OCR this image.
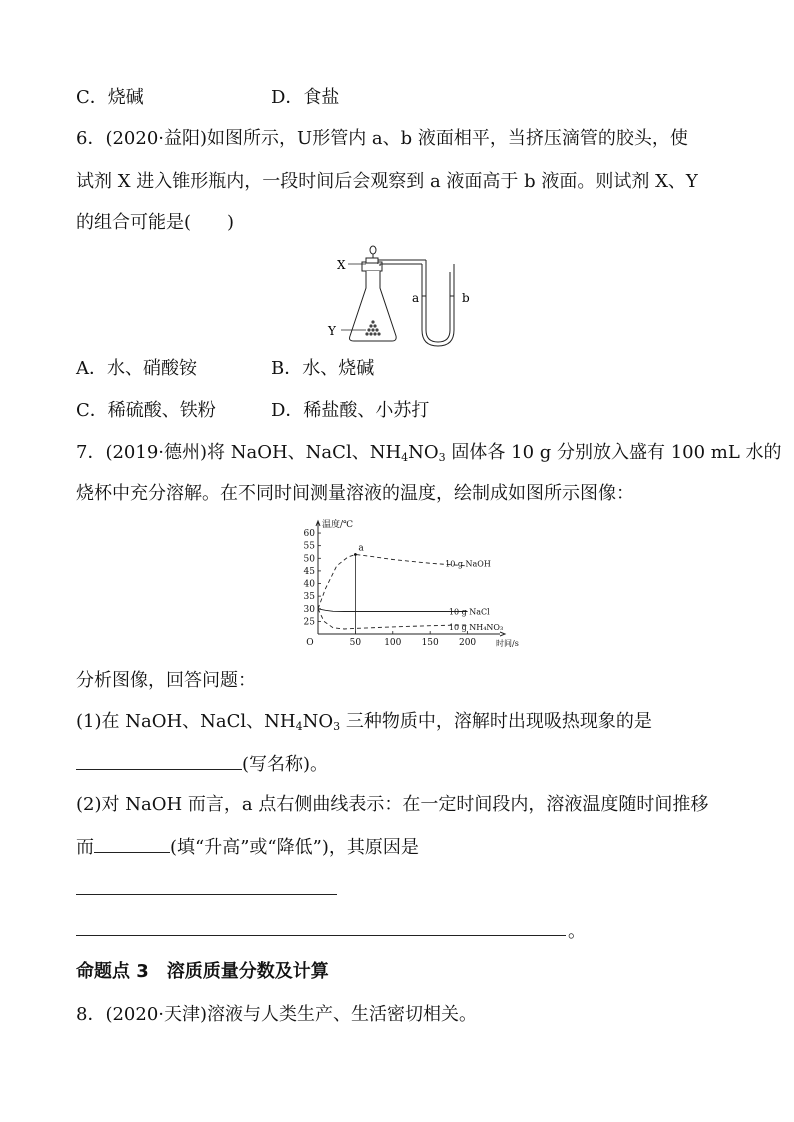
C．烧碱	D．食盐
6．(2020·益阳)如图所示，U形管内 a、b 液面相平，当挤压滴管的胶头，使
试剂 X 进入锥形瓶内，一段时间后会观察到 a 液面高于 b 液面。则试剂 X、Y
的组合可能是(　　)
X
Y
a	b
A．水、硝酸铵	B．水、烧碱
C．稀硫酸、铁粉	D．稀盐酸、小苏打
7．(2019·德州)将 NaOH、NaCl、$NH_4NO_3$ 固体各 10 g 分别放入盛有 100 mL 水的
烧杯中充分溶解。在不同时间测量溶液的温度，绘制成如图所示图像：
25
30
35
40
45
50
55
60
50	100 150 200
O
温度/℃
时间/s
10 g NaOH
10 g NaCl
10 g NH₄NO₃
a
分析图像，回答问题：
(1)在 NaOH、NaCl、$NH_4NO_3$ 三种物质中，溶解时出现吸热现象的是
(写名称)。
(2)对 NaOH 而言，a 点右侧曲线表示：在一定时间段内，溶液温度随时间推移
而	(填“升高”或“降低”)，其原因是
。
命题点 3　溶质质量分数及计算
8．(2020·天津)溶液与人类生产、生活密切相关。
